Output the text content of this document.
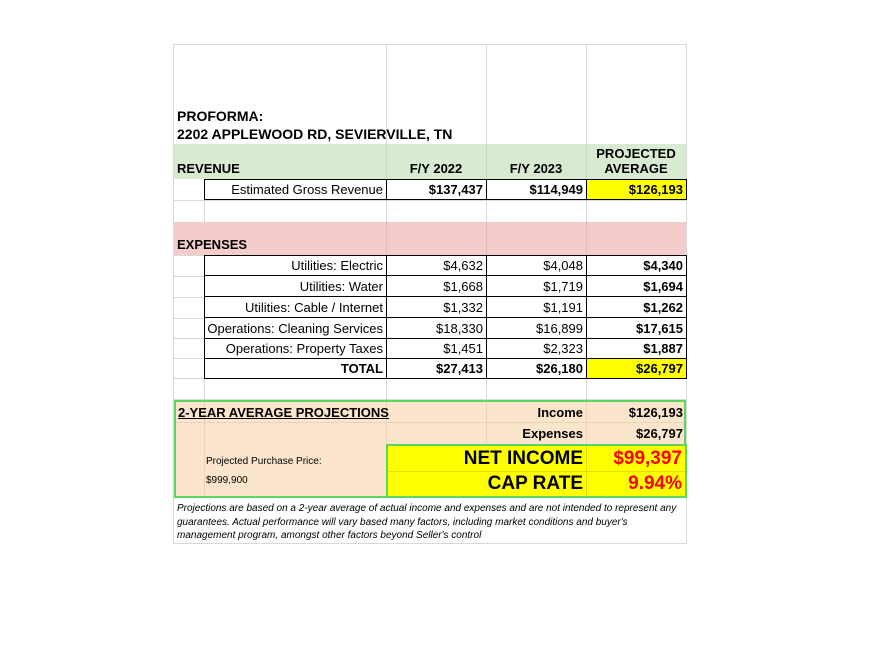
PROFORMA:
2202 APPLEWOOD RD, SEVIERVILLE, TN
REVENUE	F/Y 2022	F/Y 2023
PROJECTED
AVERAGE
Estimated Gross Revenue	$137,437	$114,949	$126,193
EXPENSES
Utilities: Electric	$4,632	$4,048	$4,340
Utilities: Water	$1,668	$1,719	$1,694
Utilities: Cable / Internet	$1,332	$1,191	$1,262
Operations: Cleaning Services	$18,330	$16,899	$17,615
Operations: Property Taxes	$1,451	$2,323	$1,887
TOTAL	$27,413	$26,180	$26,797
2-YEAR AVERAGE PROJECTIONS	Income	$126,193
Expenses	$26,797
Projected Purchase Price:
$999,900
NET INCOME	$99,397
CAP RATE	9.94%
Projections are based on a 2-year average of actual income and expenses and are not intended to represent any guarantees. Actual performance will vary based many factors, including market conditions and buyer's management program, amongst other factors beyond Seller's control
